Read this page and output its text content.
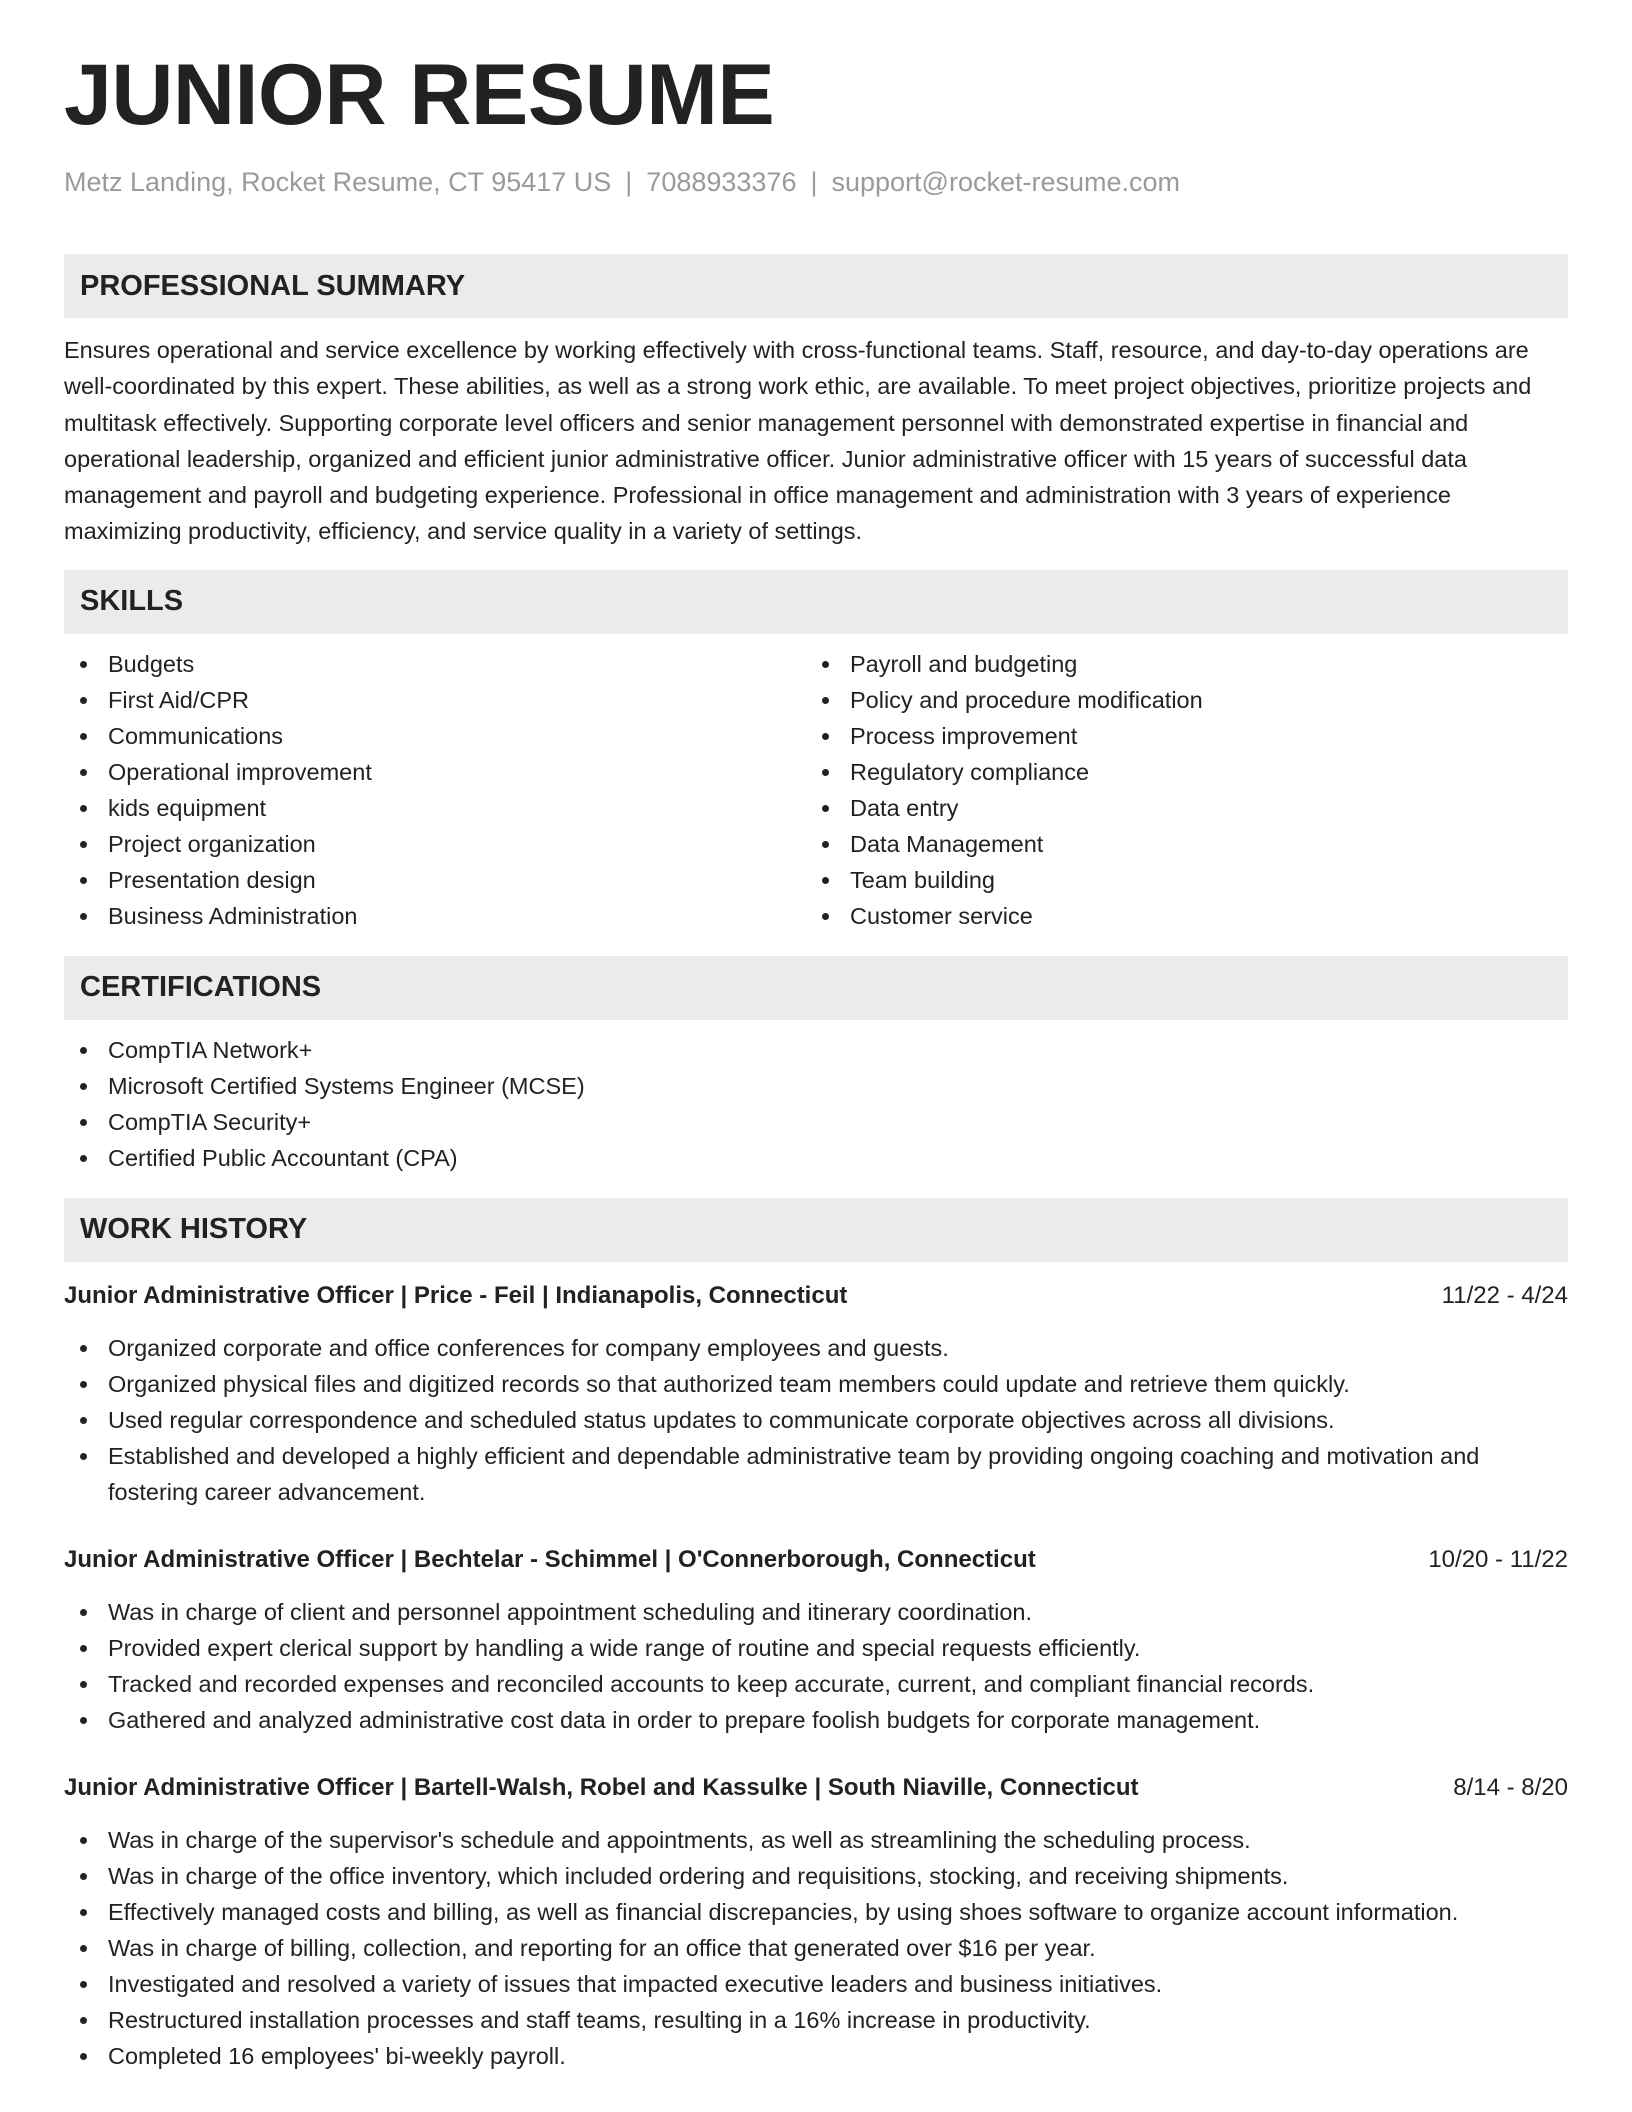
JUNIOR RESUME
Metz Landing, Rocket Resume, CT 95417 US | 7088933376 | support@rocket-resume.com
PROFESSIONAL SUMMARY

Ensures operational and service excellence by working effectively with cross-functional teams. Staff, resource, and day-to-day operations are well-coordinated by this expert. These abilities, as well as a strong work ethic, are available. To meet project objectives, prioritize projects and multitask effectively. Supporting corporate level officers and senior management personnel with demonstrated expertise in financial and operational leadership, organized and efficient junior administrative officer. Junior administrative officer with 15 years of successful data management and payroll and budgeting experience. Professional in office management and administration with 3 years of experience maximizing productivity, efficiency, and service quality in a variety of settings.

SKILLS
Budgets
First Aid/CPR
Communications
Operational improvement
kids equipment
Project organization
Presentation design
Business Administration
Payroll and budgeting
Policy and procedure modification
Process improvement
Regulatory compliance
Data entry
Data Management
Team building
Customer service
CERTIFICATIONS
CompTIA Network+
Microsoft Certified Systems Engineer (MCSE)
CompTIA Security+
Certified Public Accountant (CPA)
WORK HISTORY
Junior Administrative Officer | Price - Feil | Indianapolis, Connecticut	11/22 - 4/24
Organized corporate and office conferences for company employees and guests.
Organized physical files and digitized records so that authorized team members could update and retrieve them quickly.
Used regular correspondence and scheduled status updates to communicate corporate objectives across all divisions.
Established and developed a highly efficient and dependable administrative team by providing ongoing coaching and motivation and fostering career advancement.
Junior Administrative Officer | Bechtelar - Schimmel | O'Connerborough, Connecticut	10/20 - 11/22
Was in charge of client and personnel appointment scheduling and itinerary coordination.
Provided expert clerical support by handling a wide range of routine and special requests efficiently.
Tracked and recorded expenses and reconciled accounts to keep accurate, current, and compliant financial records.
Gathered and analyzed administrative cost data in order to prepare foolish budgets for corporate management.
Junior Administrative Officer | Bartell-Walsh, Robel and Kassulke | South Niaville, Connecticut	8/14 - 8/20
Was in charge of the supervisor's schedule and appointments, as well as streamlining the scheduling process.
Was in charge of the office inventory, which included ordering and requisitions, stocking, and receiving shipments.
Effectively managed costs and billing, as well as financial discrepancies, by using shoes software to organize account information.
Was in charge of billing, collection, and reporting for an office that generated over $16 per year.
Investigated and resolved a variety of issues that impacted executive leaders and business initiatives.
Restructured installation processes and staff teams, resulting in a 16% increase in productivity.
Completed 16 employees' bi-weekly payroll.
